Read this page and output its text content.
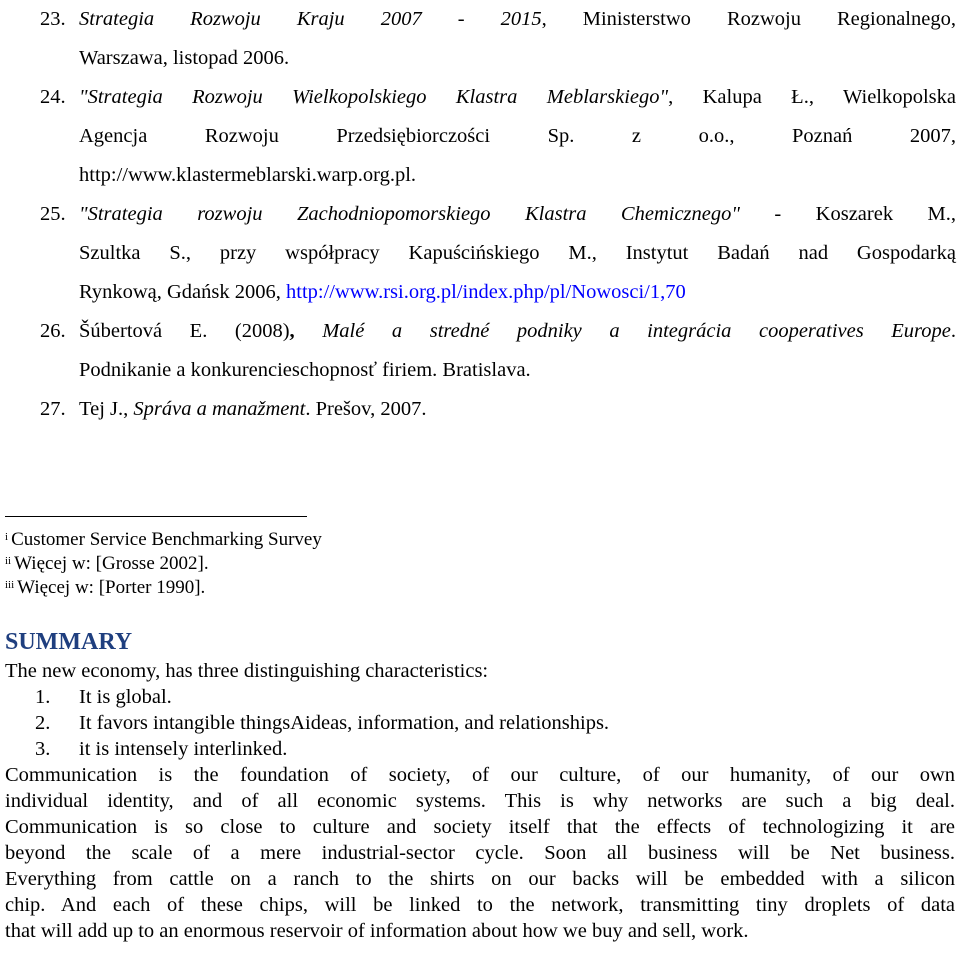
23. Strategia Rozwoju Kraju 2007 - 2015, Ministerstwo Rozwoju Regionalnego,
Warszawa, listopad 2006.
24. "Strategia Rozwoju Wielkopolskiego Klastra Meblarskiego", Kalupa Ł., Wielkopolska
Agencja Rozwoju Przedsiębiorczości Sp. z o.o., Poznań 2007,
http://www.klastermeblarski.warp.org.pl.
25. "Strategia rozwoju Zachodniopomorskiego Klastra Chemicznego" - Koszarek M.,
Szultka S., przy współpracy Kapuścińskiego M., Instytut Badań nad Gospodarką
Rynkową, Gdańsk 2006, http://www.rsi.org.pl/index.php/pl/Nowosci/1,70
26. Šúbertová E. (2008), Malé a stredné podniky a integrácia cooperatives Europe.
Podnikanie a konkurencieschopnosť firiem. Bratislava.
27. Tej J., Správa a manažment. Prešov, 2007.
$^i$ Customer Service Benchmarking Survey
$^{ii}$ Więcej w: [Grosse 2002].
$^{iii}$ Więcej w: [Porter 1990].
SUMMARY
The new economy, has three distinguishing characteristics:
1. It is global.
2. It favors intangible thingsAideas, information, and relationships.
3. it is intensely interlinked.
Communication is the foundation of society, of our culture, of our humanity, of our own
individual identity, and of all economic systems. This is why networks are such a big deal.
Communication is so close to culture and society itself that the effects of technologizing it are
beyond the scale of a mere industrial-sector cycle. Soon all business will be Net business.
Everything from cattle on a ranch to the shirts on our backs will be embedded with a silicon
chip. And each of these chips, will be linked to the network, transmitting tiny droplets of data
that will add up to an enormous reservoir of information about how we buy and sell, work.
